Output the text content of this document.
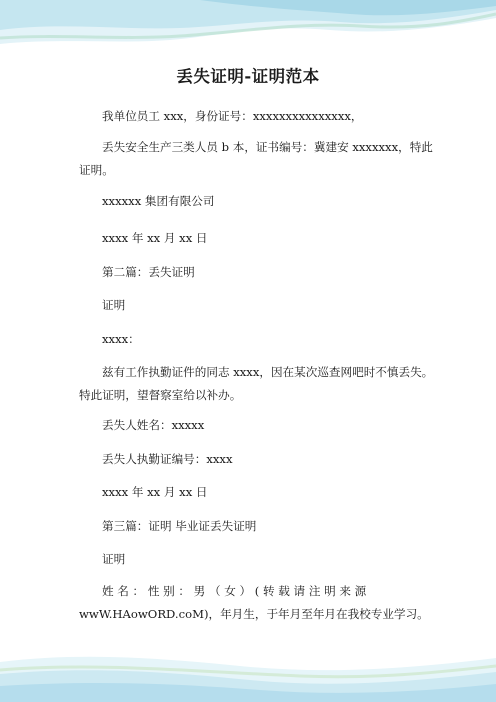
丢失证明-证明范本

我单位员工 xxx，身份证号：xxxxxxxxxxxxxxx，

丢失安全生产三类人员 b 本，证书编号：冀建安 xxxxxxx，特此证明。

xxxxxx 集团有限公司

xxxx 年 xx 月 xx 日

第二篇：丢失证明

证明

xxxx：

兹有工作执勤证件的同志 xxxx，因在某次巡查网吧时不慎丢失。特此证明，望督察室给以补办。

丢失人姓名：xxxxx

丢失人执勤证编号：xxxx

xxxx 年 xx 月 xx 日

第三篇：证明 毕业证丢失证明

证明

姓 名 ： 性 别 ： 男 （ 女 ） ( 转 载 请 注 明 来 源

wwW.HAowORD.coM)，年月生，于年月至年月在我校专业学习。
